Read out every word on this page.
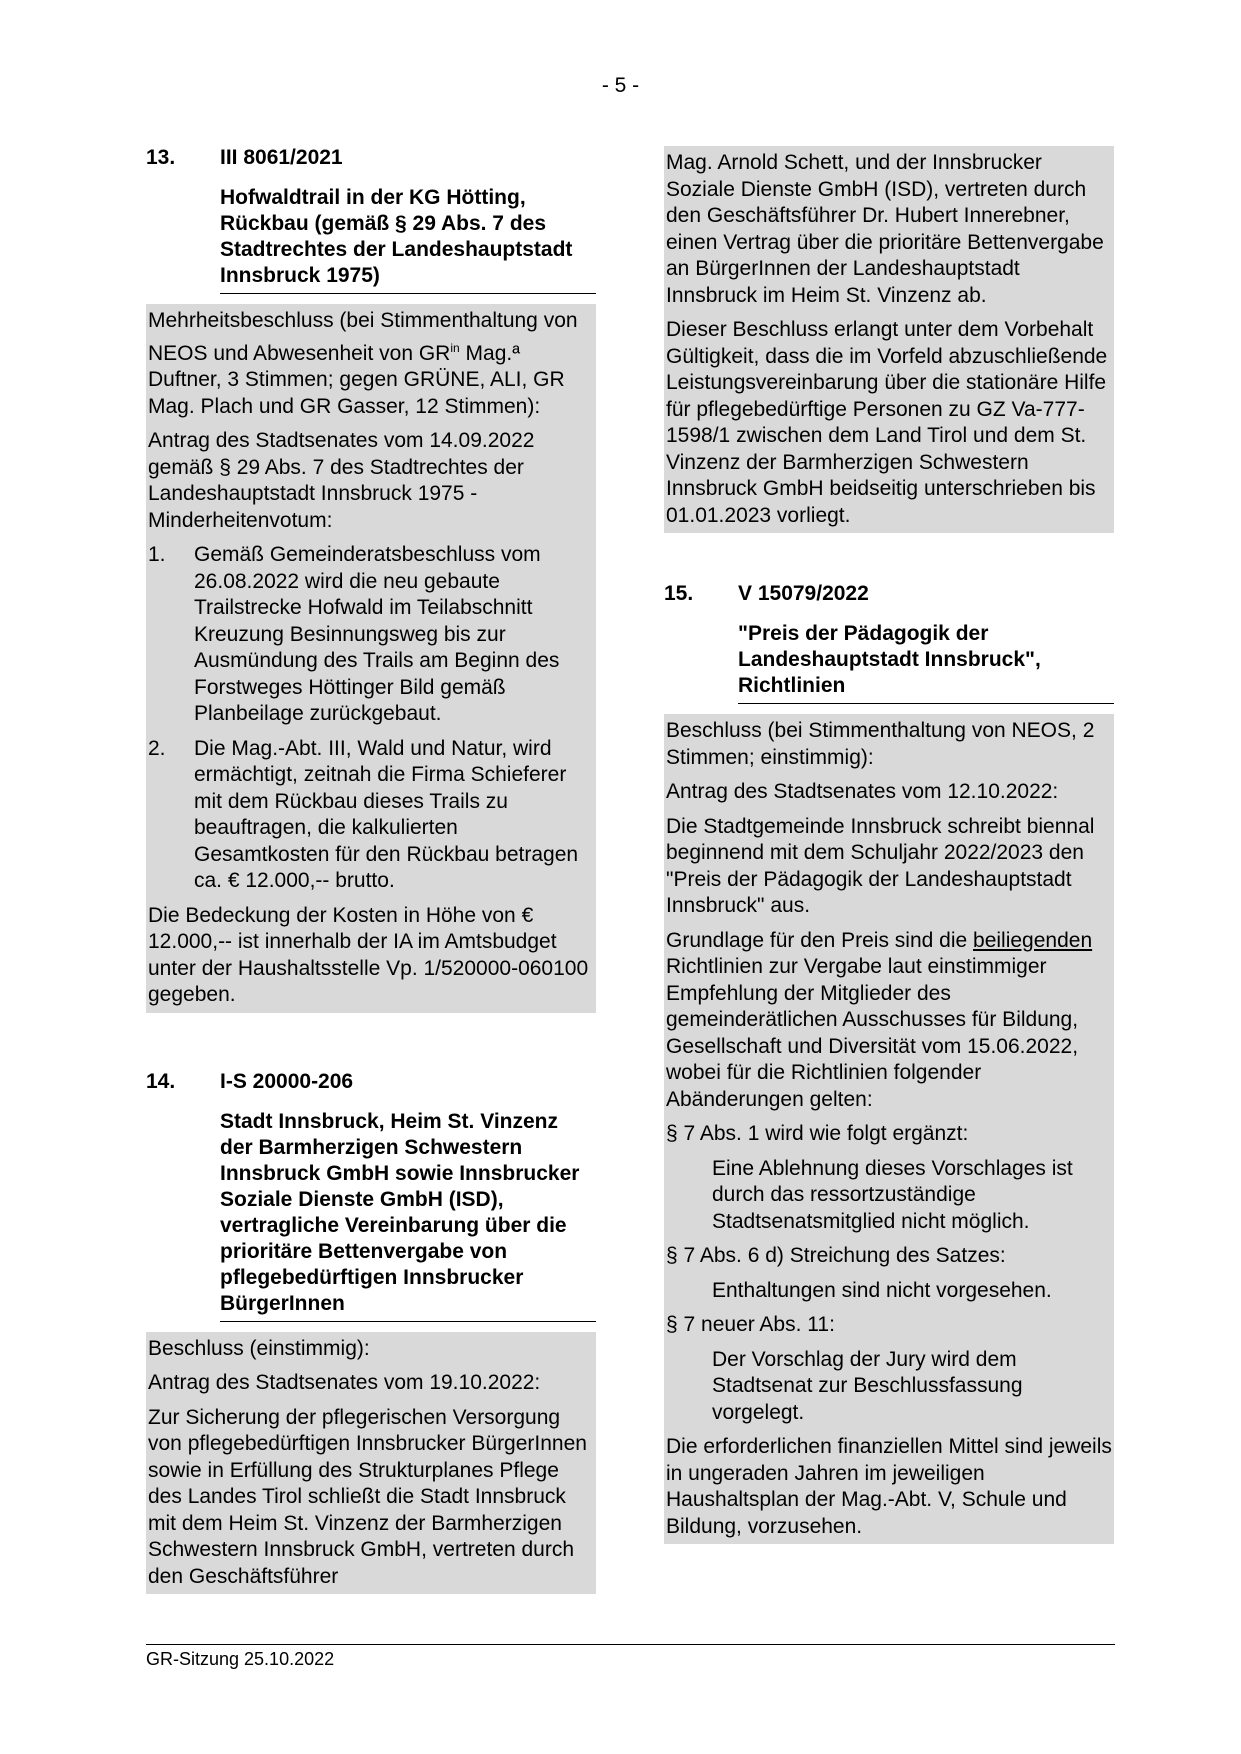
- 5 -
13.	III 8061/2021
Hofwaldtrail in der KG Hötting, Rückbau (gemäß § 29 Abs. 7 des Stadtrechtes der Landeshauptstadt Innsbruck 1975)

Mehrheitsbeschluss (bei Stimmenthaltung von NEOS und Abwesenheit von $GR^{in}$ Mag.ª Duftner, 3 Stimmen; gegen GRÜNE, ALI, GR Mag. Plach und GR Gasser, 12 Stimmen):

Antrag des Stadtsenates vom 14.09.2022 gemäß § 29 Abs. 7 des Stadtrechtes der Landeshauptstadt Innsbruck 1975 - Minderheitenvotum:

1.	Gemäß Gemeinderatsbeschluss vom 26.08.2022 wird die neu gebaute Trailstrecke Hofwald im Teilabschnitt Kreuzung Besinnungsweg bis zur Ausmündung des Trails am Beginn des Forstweges Höttinger Bild gemäß Planbeilage zurückgebaut.
2.	Die Mag.-Abt. III, Wald und Natur, wird ermächtigt, zeitnah die Firma Schieferer mit dem Rückbau dieses Trails zu beauftragen, die kalkulierten Gesamtkosten für den Rückbau betragen ca. € 12.000,-- brutto.

Die Bedeckung der Kosten in Höhe von € 12.000,-- ist innerhalb der IA im Amtsbudget unter der Haushaltsstelle Vp. 1/520000-060100 gegeben.

14.	I-S 20000-206
Stadt Innsbruck, Heim St. Vinzenz der Barmherzigen Schwestern Innsbruck GmbH sowie Innsbrucker Soziale Dienste GmbH (ISD), vertragliche Vereinbarung über die prioritäre Bettenvergabe von pflegebedürftigen Innsbrucker BürgerInnen

Beschluss (einstimmig):

Antrag des Stadtsenates vom 19.10.2022:

Zur Sicherung der pflegerischen Versorgung von pflegebedürftigen Innsbrucker BürgerInnen sowie in Erfüllung des Strukturplanes Pflege des Landes Tirol schließt die Stadt Innsbruck mit dem Heim St. Vinzenz der Barmherzigen Schwestern Innsbruck GmbH, vertreten durch den Geschäftsführer

Mag. Arnold Schett, und der Innsbrucker Soziale Dienste GmbH (ISD), vertreten durch den Geschäftsführer Dr. Hubert Innerebner, einen Vertrag über die prioritäre Bettenvergabe an BürgerInnen der Landeshauptstadt Innsbruck im Heim St. Vinzenz ab.

Dieser Beschluss erlangt unter dem Vorbehalt Gültigkeit, dass die im Vorfeld abzuschließende Leistungsvereinbarung über die stationäre Hilfe für pflegebedürftige Personen zu GZ Va-777-1598/1 zwischen dem Land Tirol und dem St. Vinzenz der Barmherzigen Schwestern Innsbruck GmbH beidseitig unterschrieben bis 01.01.2023 vorliegt.

15.	V 15079/2022
"Preis der Pädagogik der Landeshauptstadt Innsbruck", Richtlinien

Beschluss (bei Stimmenthaltung von NEOS, 2 Stimmen; einstimmig):

Antrag des Stadtsenates vom 12.10.2022:

Die Stadtgemeinde Innsbruck schreibt biennal beginnend mit dem Schuljahr 2022/2023 den "Preis der Pädagogik der Landeshauptstadt Innsbruck" aus.

Grundlage für den Preis sind die beiliegenden Richtlinien zur Vergabe laut einstimmiger Empfehlung der Mitglieder des gemeinderätlichen Ausschusses für Bildung, Gesellschaft und Diversität vom 15.06.2022, wobei für die Richtlinien folgender Abänderungen gelten:

§ 7 Abs. 1 wird wie folgt ergänzt:

Eine Ablehnung dieses Vorschlages ist durch das ressortzuständige Stadtsenatsmitglied nicht möglich.

§ 7 Abs. 6 d) Streichung des Satzes:

Enthaltungen sind nicht vorgesehen.

§ 7 neuer Abs. 11:

Der Vorschlag der Jury wird dem Stadtsenat zur Beschlussfassung vorgelegt.

Die erforderlichen finanziellen Mittel sind jeweils in ungeraden Jahren im jeweiligen Haushaltsplan der Mag.-Abt. V, Schule und Bildung, vorzusehen.

GR-Sitzung 25.10.2022
